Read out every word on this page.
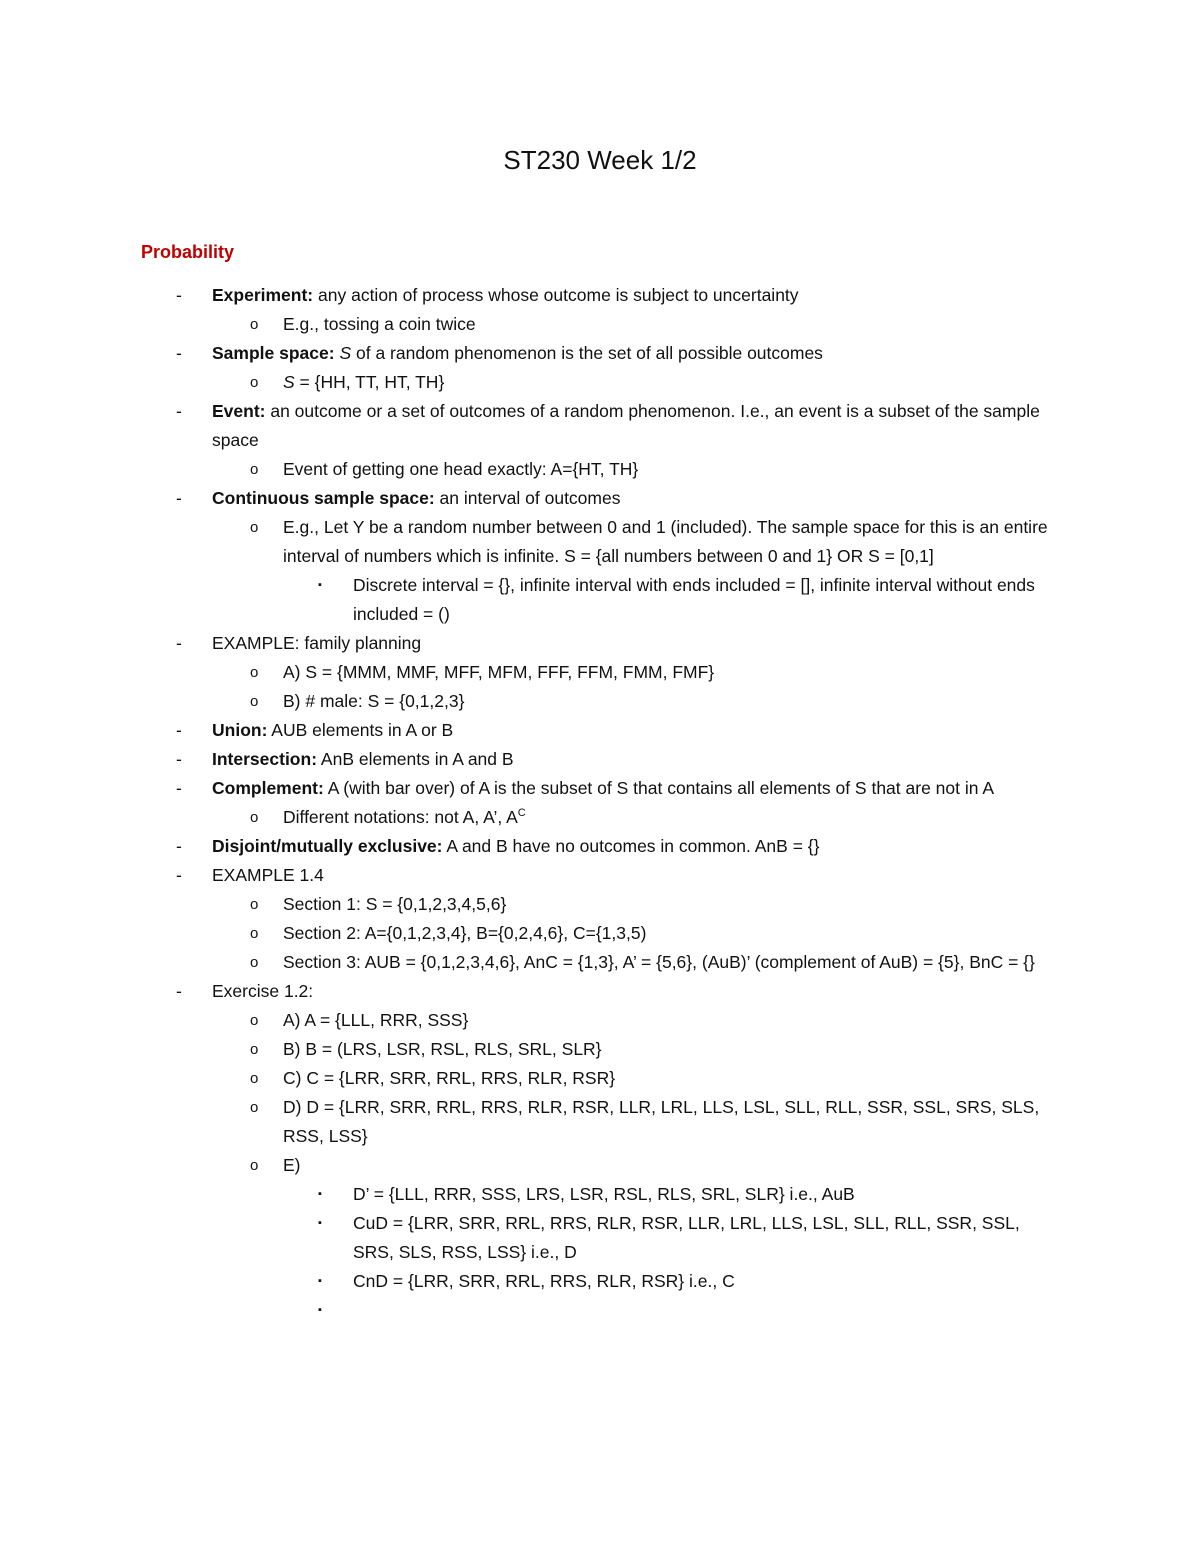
ST230 Week 1/2
Probability
- Experiment: any action of process whose outcome is subject to uncertainty
o E.g., tossing a coin twice
- Sample space: S of a random phenomenon is the set of all possible outcomes
o S = {HH, TT, HT, TH}
- Event: an outcome or a set of outcomes of a random phenomenon. I.e., an event is a subset of the sample space
o Event of getting one head exactly: A={HT, TH}
- Continuous sample space: an interval of outcomes
o E.g., Let Y be a random number between 0 and 1 (included). The sample space for this is an entire interval of numbers which is infinite. S = {all numbers between 0 and 1} OR S = [0,1]
▪ Discrete interval = {}, infinite interval with ends included = [], infinite interval without ends included = ()
- EXAMPLE: family planning
o A) S = {MMM, MMF, MFF, MFM, FFF, FFM, FMM, FMF}
o B) # male: S = {0,1,2,3}
- Union: AUB elements in A or B
- Intersection: AnB elements in A and B
- Complement: A (with bar over) of A is the subset of S that contains all elements of S that are not in A
o Different notations: not A, A’, $A^C$
- Disjoint/mutually exclusive: A and B have no outcomes in common. AnB = {}
- EXAMPLE 1.4
o Section 1: S = {0,1,2,3,4,5,6}
o Section 2: A={0,1,2,3,4}, B={0,2,4,6}, C={1,3,5)
o Section 3: AUB = {0,1,2,3,4,6}, AnC = {1,3}, A’ = {5,6}, (AuB)’ (complement of AuB) = {5}, BnC = {}
- Exercise 1.2:
o A) A = {LLL, RRR, SSS}
o B) B = (LRS, LSR, RSL, RLS, SRL, SLR}
o C) C = {LRR, SRR, RRL, RRS, RLR, RSR}
o D) D = {LRR, SRR, RRL, RRS, RLR, RSR, LLR, LRL, LLS, LSL, SLL, RLL, SSR, SSL, SRS, SLS, RSS, LSS}
o E)
▪ D’ = {LLL, RRR, SSS, LRS, LSR, RSL, RLS, SRL, SLR} i.e., AuB
▪ CuD = {LRR, SRR, RRL, RRS, RLR, RSR, LLR, LRL, LLS, LSL, SLL, RLL, SSR, SSL, SRS, SLS, RSS, LSS} i.e., D
▪ CnD = {LRR, SRR, RRL, RRS, RLR, RSR} i.e., C
▪
